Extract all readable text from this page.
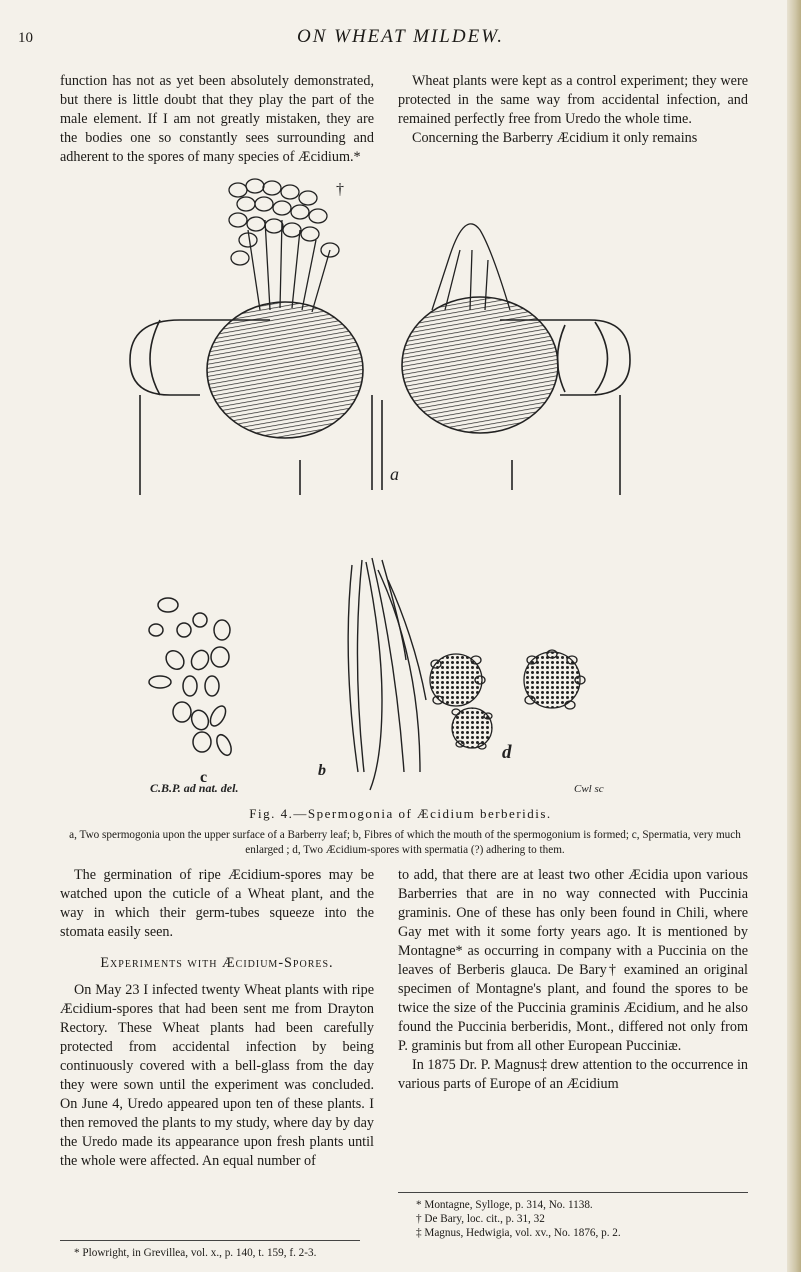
10	ON WHEAT MILDEW.

function has not as yet been absolutely demonstrated, but there is little doubt that they play the part of the male element. If I am not greatly mistaken, they are the bodies one so constantly sees surrounding and adherent to the spores of many species of Æcidium.*

Wheat plants were kept as a control experiment; they were protected in the same way from accidental infection, and remained perfectly free from Uredo the whole time.

Concerning the Barberry Æcidium it only remains

†
a
c	b
d
C.B.P. ad nat. del.	Cwl sc
Fig. 4.—Spermogonia of Æcidium berberidis.
a, Two spermogonia upon the upper surface of a Barberry leaf; b, Fibres of which the mouth of the spermogonium is formed; c, Spermatia, very much enlarged ; d, Two Æcidium-spores with spermatia (?) adhering to them.

The germination of ripe Æcidium-spores may be watched upon the cuticle of a Wheat plant, and the way in which their germ-tubes squeeze into the stomata easily seen.

Experiments with Æcidium-Spores.

On May 23 I infected twenty Wheat plants with ripe Æcidium-spores that had been sent me from Drayton Rectory. These Wheat plants had been carefully protected from accidental infection by being continuously covered with a bell-glass from the day they were sown until the experiment was concluded. On June 4, Uredo appeared upon ten of these plants. I then removed the plants to my study, where day by day the Uredo made its appearance upon fresh plants until the whole were affected. An equal number of

to add, that there are at least two other Æcidia upon various Barberries that are in no way connected with Puccinia graminis. One of these has only been found in Chili, where Gay met with it some forty years ago. It is mentioned by Montagne* as occurring in company with a Puccinia on the leaves of Berberis glauca. De Bary† examined an original specimen of Montagne's plant, and found the spores to be twice the size of the Puccinia graminis Æcidium, and he also found the Puccinia berberidis, Mont., differed not only from P. graminis but from all other European Pucciniæ.

In 1875 Dr. P. Magnus‡ drew attention to the occurrence in various parts of Europe of an Æcidium

* Plowright, in Grevillea, vol. x., p. 140, t. 159, f. 2-3.
* Montagne, Sylloge, p. 314, No. 1138.
† De Bary, loc. cit., p. 31, 32
‡ Magnus, Hedwigia, vol. xv., No. 1876, p. 2.
